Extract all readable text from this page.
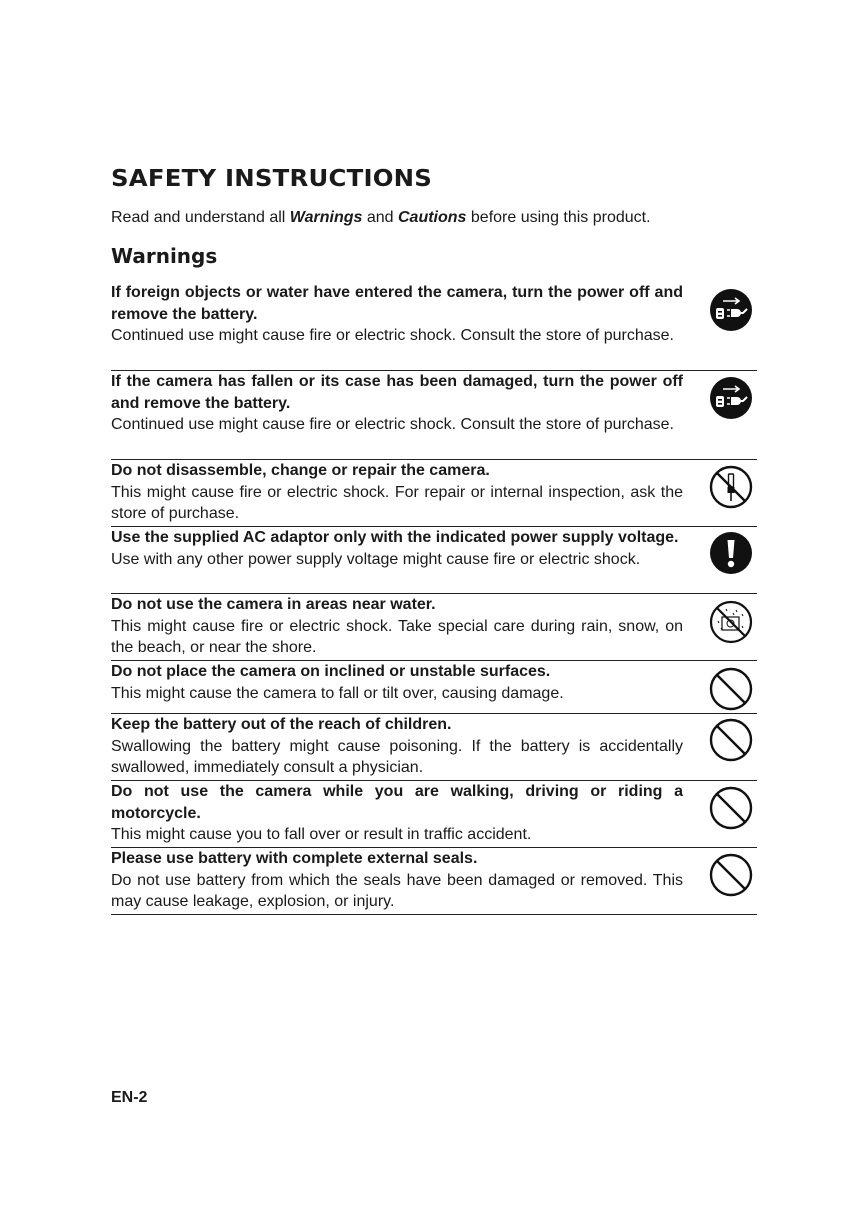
SAFETY INSTRUCTIONS

Read and understand all Warnings and Cautions before using this product.

Warnings
If foreign objects or water have entered the camera, turn the power off and remove the battery.
Continued use might cause fire or electric shock. Consult the store of purchase.
If the camera has fallen or its case has been damaged, turn the power off and remove the battery.
Continued use might cause fire or electric shock. Consult the store of purchase.
Do not disassemble, change or repair the camera.
This might cause fire or electric shock. For repair or internal inspection, ask the store of purchase.
Use the supplied AC adaptor only with the indicated power supply voltage.
Use with any other power supply voltage might cause fire or electric shock.
Do not use the camera in areas near water.
This might cause fire or electric shock. Take special care during rain, snow, on the beach, or near the shore.
Do not place the camera on inclined or unstable surfaces.
This might cause the camera to fall or tilt over, causing damage.
Keep the battery out of the reach of children.
Swallowing the battery might cause poisoning. If the battery is accidentally swallowed, immediately consult a physician.
Do not use the camera while you are walking, driving or riding a motorcycle.
This might cause you to fall over or result in traffic accident.
Please use battery with complete external seals.
Do not use battery from which the seals have been damaged or removed. This may cause leakage, explosion, or injury.

EN-2
